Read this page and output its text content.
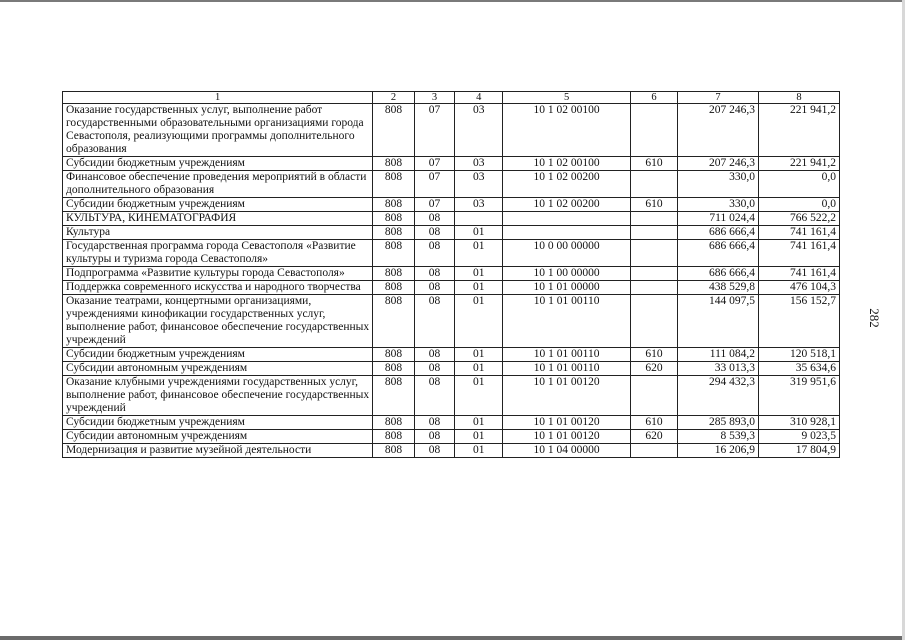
282
1	2	3	4	5	6	7	8
Оказание государственных услуг, выполнение работ государственными образовательными организациями города Севастополя, реализующими программы дополнительного образования	808	07	03	10 1 02 00100		207 246,3	221 941,2
Субсидии бюджетным учреждениям	808	07	03	10 1 02 00100	610	207 246,3	221 941,2
Финансовое обеспечение проведения мероприятий в области дополнительного образования	808	07	03	10 1 02 00200		330,0	0,0
Субсидии бюджетным учреждениям	808	07	03	10 1 02 00200	610	330,0	0,0
КУЛЬТУРА, КИНЕМАТОГРАФИЯ	808	08				711 024,4	766 522,2
Культура	808	08	01			686 666,4	741 161,4
Государственная программа города Севастополя «Развитие культуры и туризма города Севастополя»	808	08	01	10 0 00 00000		686 666,4	741 161,4
Подпрограмма «Развитие культуры города Севастополя»	808	08	01	10 1 00 00000		686 666,4	741 161,4
Поддержка современного искусства и народного творчества	808	08	01	10 1 01 00000		438 529,8	476 104,3
Оказание театрами, концертными организациями, учреждениями кинофикации государственных услуг, выполнение работ, финансовое обеспечение государственных учреждений	808	08	01	10 1 01 00110		144 097,5	156 152,7
Субсидии бюджетным учреждениям	808	08	01	10 1 01 00110	610	111 084,2	120 518,1
Субсидии автономным учреждениям	808	08	01	10 1 01 00110	620	33 013,3	35 634,6
Оказание клубными учреждениями государственных услуг, выполнение работ, финансовое обеспечение государственных учреждений	808	08	01	10 1 01 00120		294 432,3	319 951,6
Субсидии бюджетным учреждениям	808	08	01	10 1 01 00120	610	285 893,0	310 928,1
Субсидии автономным учреждениям	808	08	01	10 1 01 00120	620	8 539,3	9 023,5
Модернизация и развитие музейной деятельности	808	08	01	10 1 04 00000		16 206,9	17 804,9
